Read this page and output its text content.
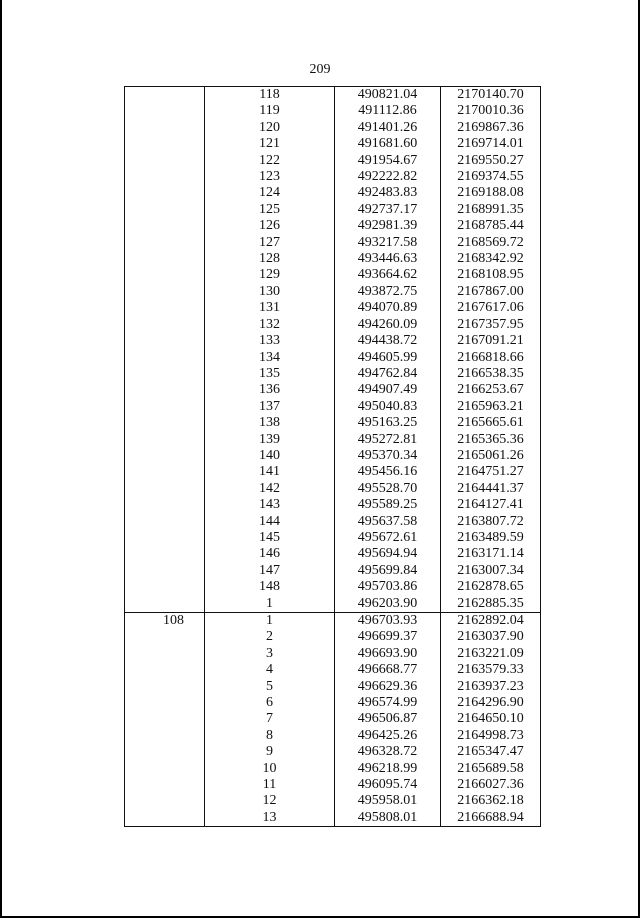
209
	118	490821.04	2170140.70
	119	491112.86	2170010.36
	120	491401.26	2169867.36
	121	491681.60	2169714.01
	122	491954.67	2169550.27
	123	492222.82	2169374.55
	124	492483.83	2169188.08
	125	492737.17	2168991.35
	126	492981.39	2168785.44
	127	493217.58	2168569.72
	128	493446.63	2168342.92
	129	493664.62	2168108.95
	130	493872.75	2167867.00
	131	494070.89	2167617.06
	132	494260.09	2167357.95
	133	494438.72	2167091.21
	134	494605.99	2166818.66
	135	494762.84	2166538.35
	136	494907.49	2166253.67
	137	495040.83	2165963.21
	138	495163.25	2165665.61
	139	495272.81	2165365.36
	140	495370.34	2165061.26
	141	495456.16	2164751.27
	142	495528.70	2164441.37
	143	495589.25	2164127.41
	144	495637.58	2163807.72
	145	495672.61	2163489.59
	146	495694.94	2163171.14
	147	495699.84	2163007.34
	148	495703.86	2162878.65
	1	496203.90	2162885.35
108	1	496703.93	2162892.04
	2	496699.37	2163037.90
	3	496693.90	2163221.09
	4	496668.77	2163579.33
	5	496629.36	2163937.23
	6	496574.99	2164296.90
	7	496506.87	2164650.10
	8	496425.26	2164998.73
	9	496328.72	2165347.47
	10	496218.99	2165689.58
	11	496095.74	2166027.36
	12	495958.01	2166362.18
	13	495808.01	2166688.94
